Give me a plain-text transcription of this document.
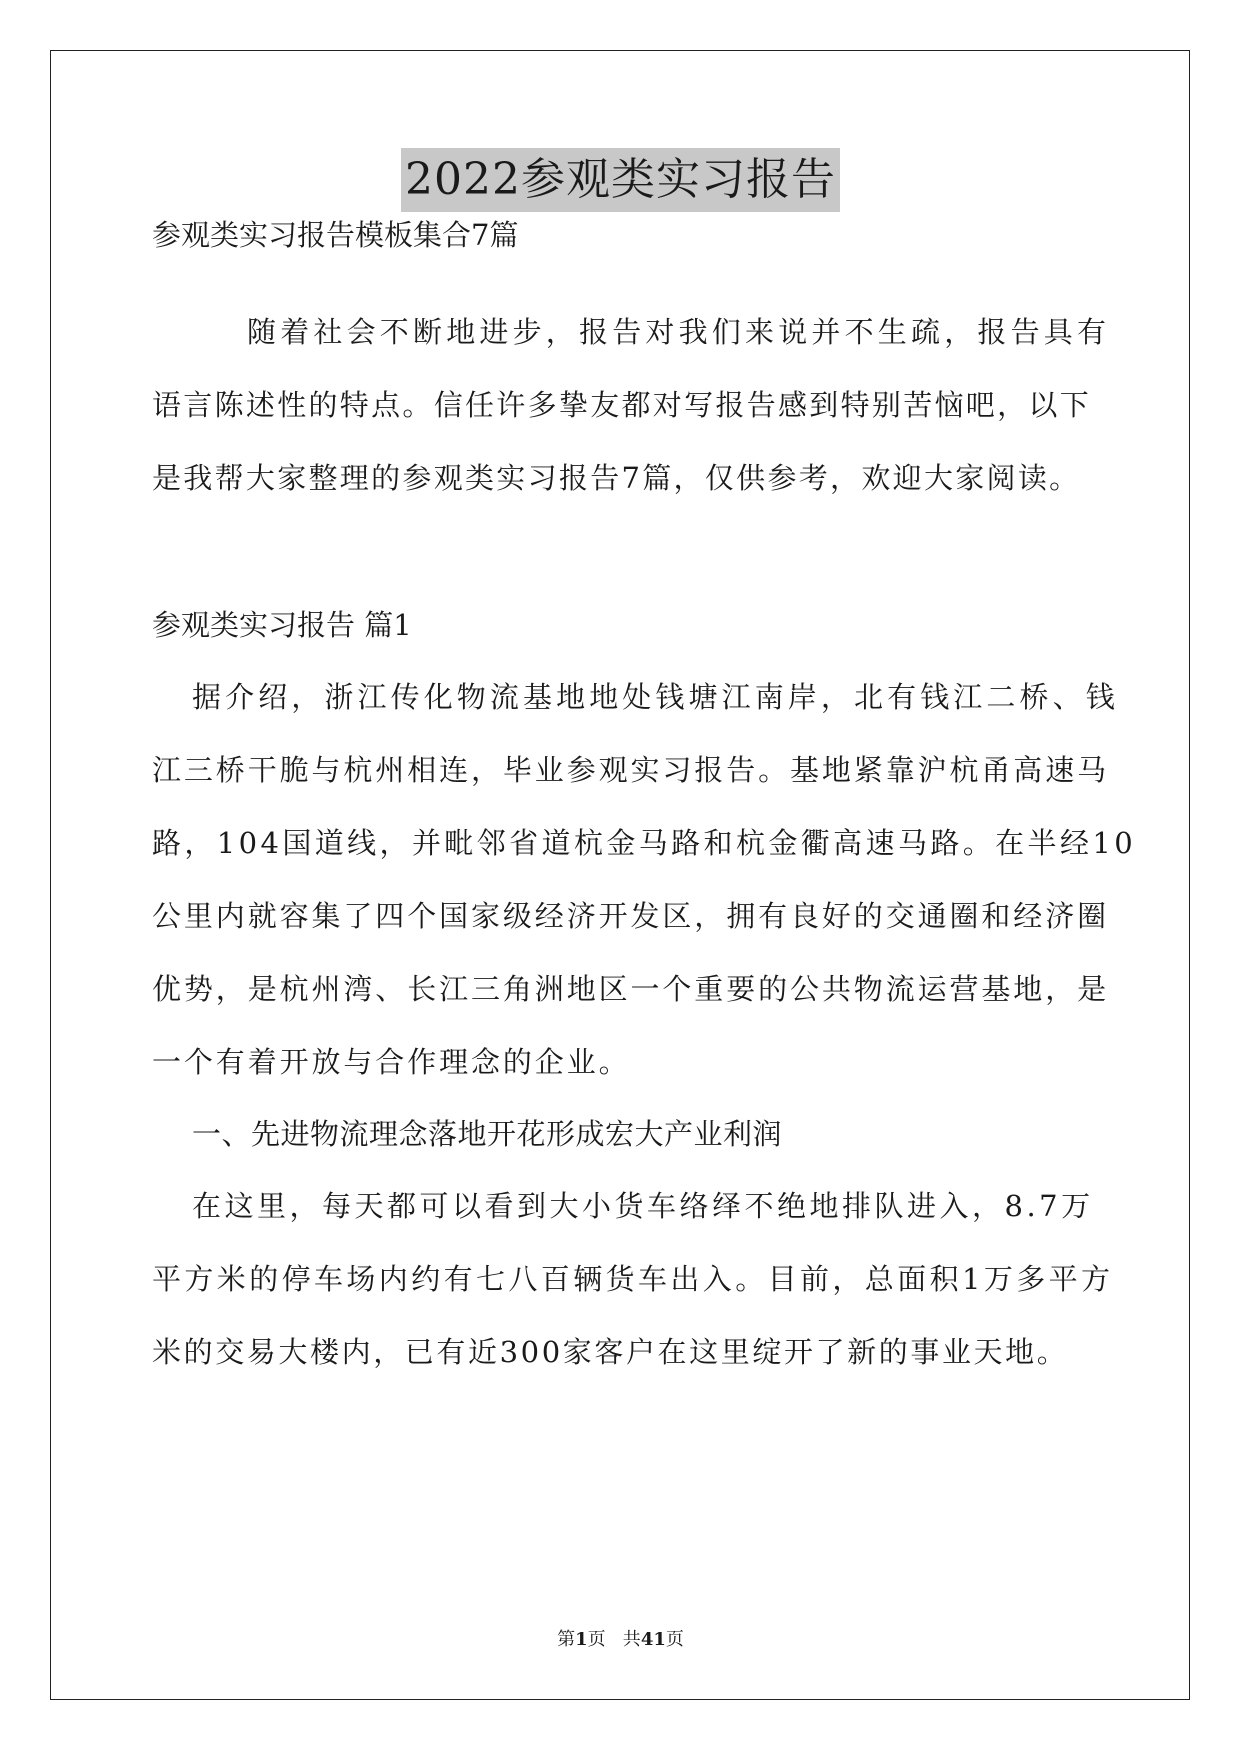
2022参观类实习报告
参观类实习报告模板集合7篇
随着社会不断地进步，报告对我们来说并不生疏，报告具有
语言陈述性的特点。信任许多挚友都对写报告感到特别苦恼吧，以下
是我帮大家整理的参观类实习报告7篇，仅供参考，欢迎大家阅读。
参观类实习报告 篇1
据介绍，浙江传化物流基地地处钱塘江南岸，北有钱江二桥、钱
江三桥干脆与杭州相连，毕业参观实习报告。基地紧靠沪杭甬高速马
路，104国道线，并毗邻省道杭金马路和杭金衢高速马路。在半经10
公里内就容集了四个国家级经济开发区，拥有良好的交通圈和经济圈
优势，是杭州湾、长江三角洲地区一个重要的公共物流运营基地，是
一个有着开放与合作理念的企业。
一、先进物流理念落地开花形成宏大产业利润
在这里，每天都可以看到大小货车络绎不绝地排队进入，8.7万
平方米的停车场内约有七八百辆货车出入。目前，总面积1万多平方
米的交易大楼内，已有近300家客户在这里绽开了新的事业天地。
第1页   共41页
